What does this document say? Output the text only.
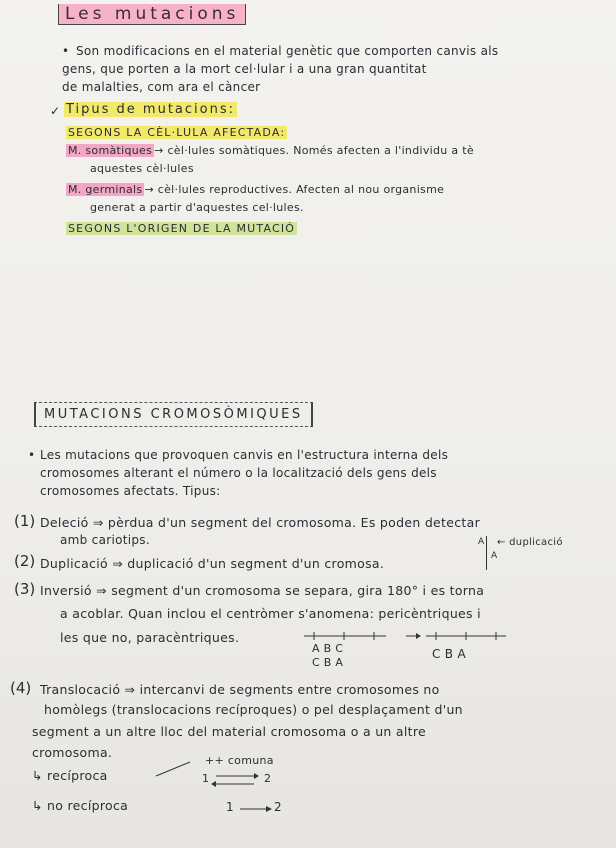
Les mutacions
• Son modificacions en el material genètic que comporten canvis als
gens, que porten a la mort cel·lular i a una gran quantitat
de malalties, com ara el càncer
✓ Tipus de mutacions:
SEGONS LA CÈL·LULA AFECTADA:
M. somàtiques → cèl·lules somàtiques. Només afecten a l'individu a tè
aquestes cèl·lules
M. germinals → cèl·lules reproductives. Afecten al nou organisme
generat a partir d'aquestes cel·lules.
SEGONS L'ORIGEN DE LA MUTACIÓ
MUTACIONS CROMOSÒMIQUES
• Les mutacions que provoquen canvis en l'estructura interna dels
cromosomes alterant el número o la localització dels gens dels
cromosomes afectats. Tipus:
(1) Deleció ⇒ pèrdua d'un segment del cromosoma. Es poden detectar
amb cariotips.
(2) Duplicació ⇒ duplicació d'un segment d'un cromosa.
A
A
← duplicació
(3) Inversió ⇒ segment d'un cromosoma se separa, gira 180° i es torna
a acoblar. Quan inclou el centròmer s'anomena: pericèntriques i
les que no, paracèntriques.
A B C
C B A
C B A
(4) Translocació ⇒ intercanvi de segments entre cromosomes no
homòlegs (translocacions recíproques) o pel desplaçament d'un
segment a un altre lloc del material cromosoma o a un altre
cromosoma.
↳ recíproca
++ comuna
1	2
↳ no recíproca	1	2
